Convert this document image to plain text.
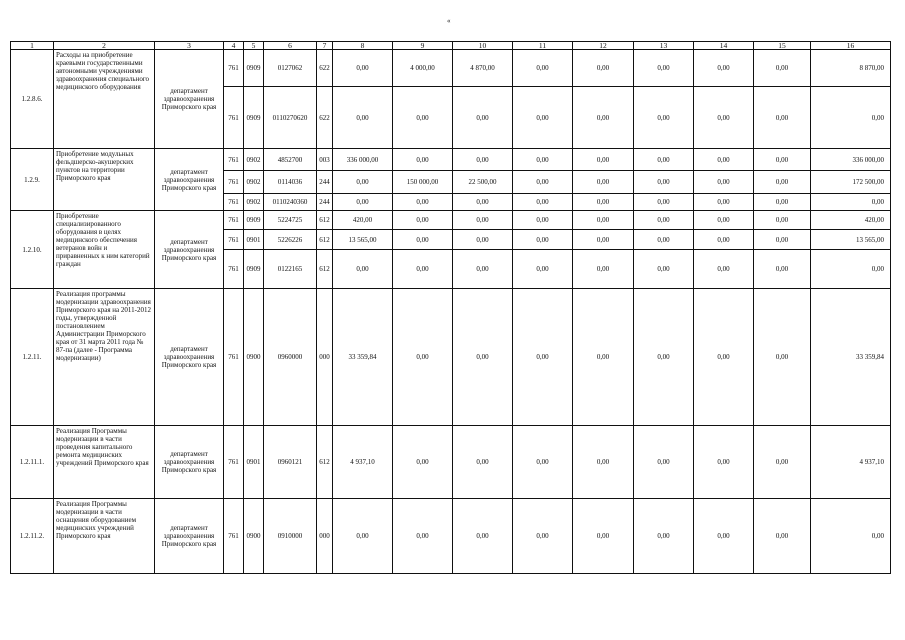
«
1	2	3	4	5	6	7	8	9	10	11	12	13	14	15	16
1.2.8.6.	Расходы на приобретение краевыми государственными автономными учреждениями здравоохранения специального медицинского оборудования	департамент здравоохранения Приморского края	761	0909	0127062	622	0,00	4 000,00	4 870,00	0,00	0,00	0,00	0,00	0,00	8 870,00
			761	0909	0110270620	622	0,00	0,00	0,00	0,00	0,00	0,00	0,00	0,00	0,00
1.2.9.	Приобретение модульных фельдшерско-акушерских пунктов на территории Приморского края	департамент здравоохранения Приморского края	761	0902	4852700	003	336 000,00	0,00	0,00	0,00	0,00	0,00	0,00	0,00	336 000,00
			761	0902	0114036	244	0,00	150 000,00	22 500,00	0,00	0,00	0,00	0,00	0,00	172 500,00
			761	0902	0110240360	244	0,00	0,00	0,00	0,00	0,00	0,00	0,00	0,00	0,00
1.2.10.	Приобретение специализированного оборудования в целях медицинского обеспечения ветеранов войн и приравненных к ним категорий граждан	департамент здравоохранения Приморского края	761	0909	5224725	612	420,00	0,00	0,00	0,00	0,00	0,00	0,00	0,00	420,00
			761	0901	5226226	612	13 565,00	0,00	0,00	0,00	0,00	0,00	0,00	0,00	13 565,00
			761	0909	0122165	612	0,00	0,00	0,00	0,00	0,00	0,00	0,00	0,00	0,00
1.2.11.	Реализация программы модернизации здравоохранения Приморского края на 2011-2012 годы, утвержденной постановлением Администрации Приморского края от 31 марта 2011 года № 87-па (далее - Программа модернизации)	департамент здравоохранения Приморского края	761	0900	0960000	000	33 359,84	0,00	0,00	0,00	0,00	0,00	0,00	0,00	33 359,84
1.2.11.1.	Реализация Программы модернизации в части проведения капитального ремонта медицинских учреждений Приморского края	департамент здравоохранения Приморского края	761	0901	0960121	612	4 937,10	0,00	0,00	0,00	0,00	0,00	0,00	0,00	4 937,10
1.2.11.2.	Реализация Программы модернизации в части оснащения оборудованием медицинских учреждений Приморского края	департамент здравоохранения Приморского края	761	0900	0910000	000	0,00	0,00	0,00	0,00	0,00	0,00	0,00	0,00	0,00
